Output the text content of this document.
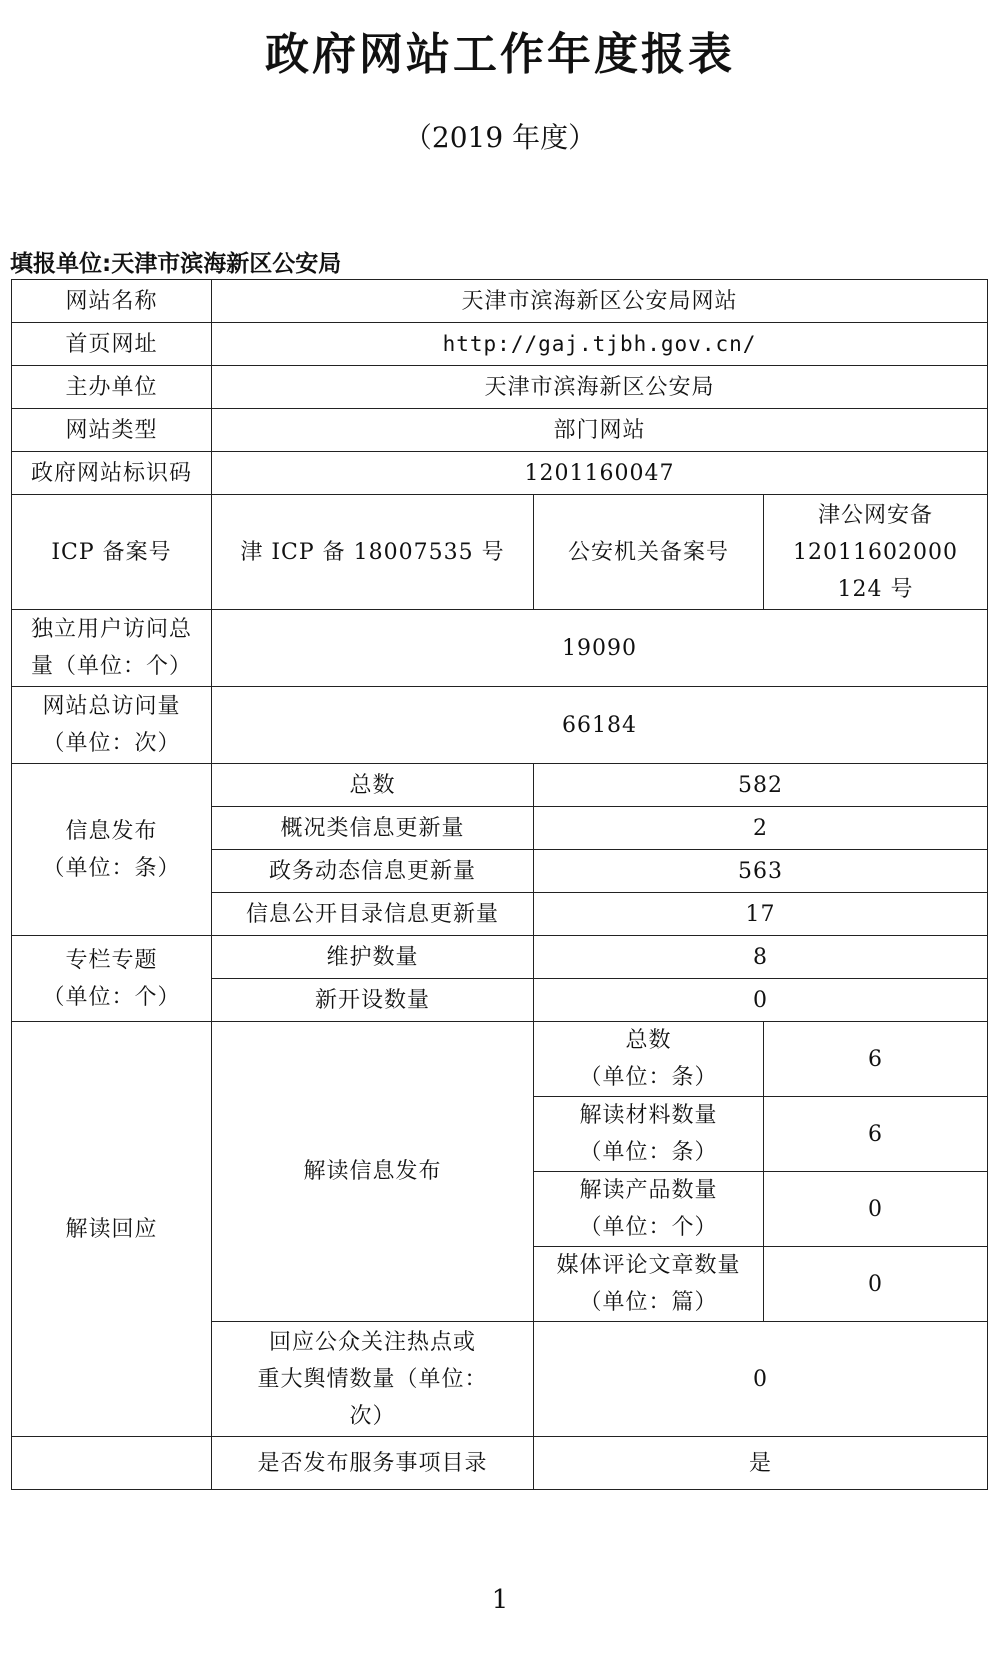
政府网站工作年度报表
（2019 年度）
填报单位:天津市滨海新区公安局
网站名称	天津市滨海新区公安局网站		
首页网址	http://gaj.tjbh.gov.cn/		
主办单位	天津市滨海新区公安局		
网站类型	部门网站		
政府网站标识码	1201160047		
ICP 备案号	津 ICP 备 18007535 号	公安机关备案号	津公网安备
12011602000
124 号

独立用户访问总
量（单位：个）	19090		

网站总访问量
（单位：次）	66184		

信息发布
（单位：条）	总数	582	
	概况类信息更新量	2	
	政务动态信息更新量	563	
	信息公开目录信息更新量	17	

专栏专题
（单位：个）	维护数量	8	
	新开设数量	0	
解读回应	解读信息发布	总数
（单位：条）	6

		解读材料数量
（单位：条）	6

		解读产品数量
（单位：个）	0

		媒体评论文章数量
（单位：篇）	0

	回应公众关注热点或
重大舆情数量（单位：
次）	0	
	是否发布服务事项目录	是	
1
